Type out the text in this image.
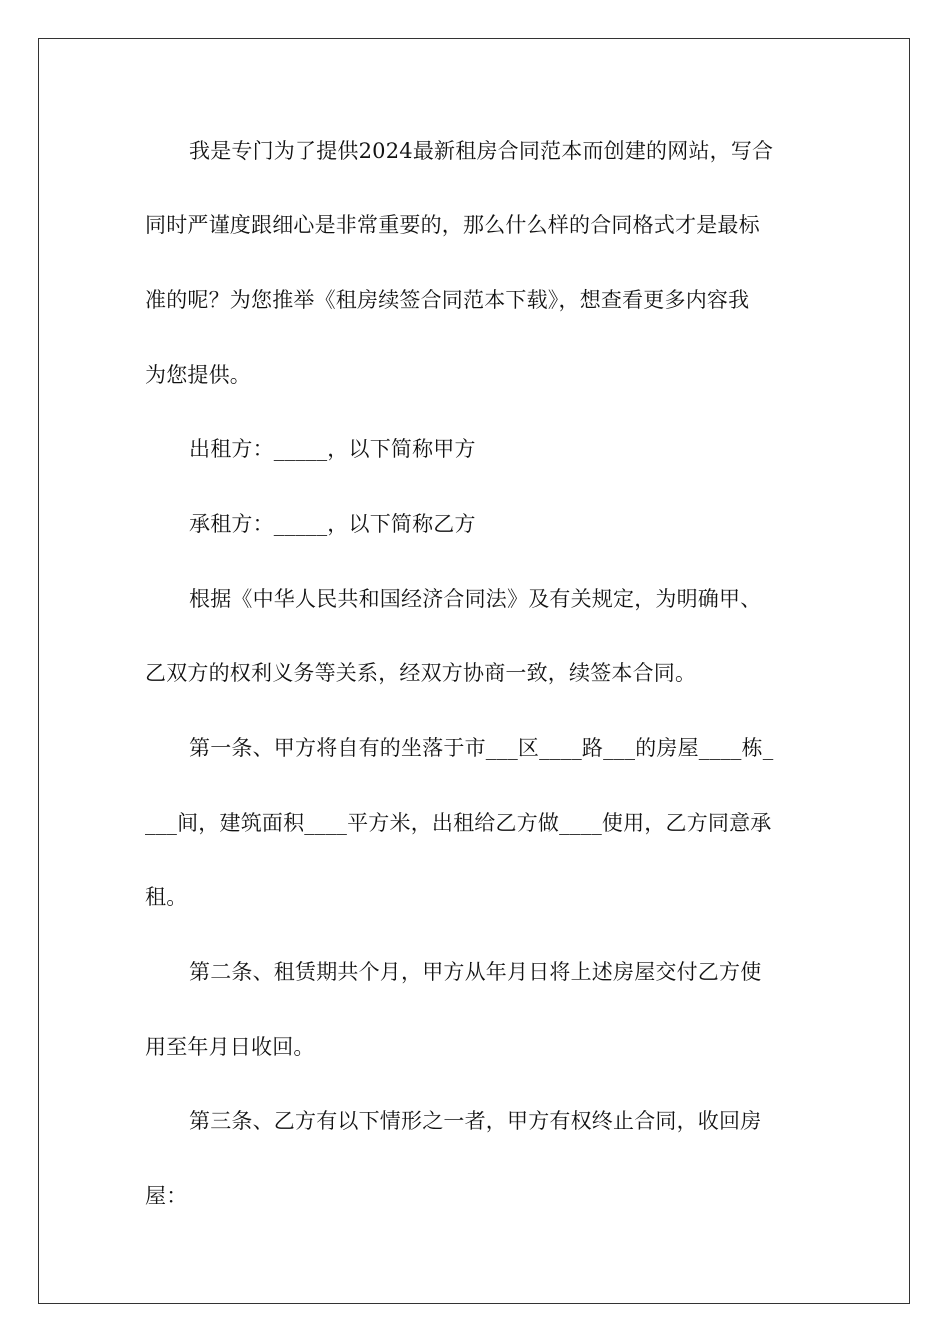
我是专门为了提供2024最新租房合同范本而创建的网站，写合
同时严谨度跟细心是非常重要的，那么什么样的合同格式才是最标
准的呢？为您推举《租房续签合同范本下载》，想查看更多内容我
为您提供。
出租方：_____，以下简称甲方
承租方：_____，以下简称乙方
根据《中华人民共和国经济合同法》及有关规定，为明确甲、
乙双方的权利义务等关系，经双方协商一致，续签本合同。
第一条、甲方将自有的坐落于市___区____路___的房屋____栋_
___间，建筑面积____平方米，出租给乙方做____使用，乙方同意承
租。
第二条、租赁期共个月，甲方从年月日将上述房屋交付乙方使
用至年月日收回。
第三条、乙方有以下情形之一者，甲方有权终止合同，收回房
屋：
